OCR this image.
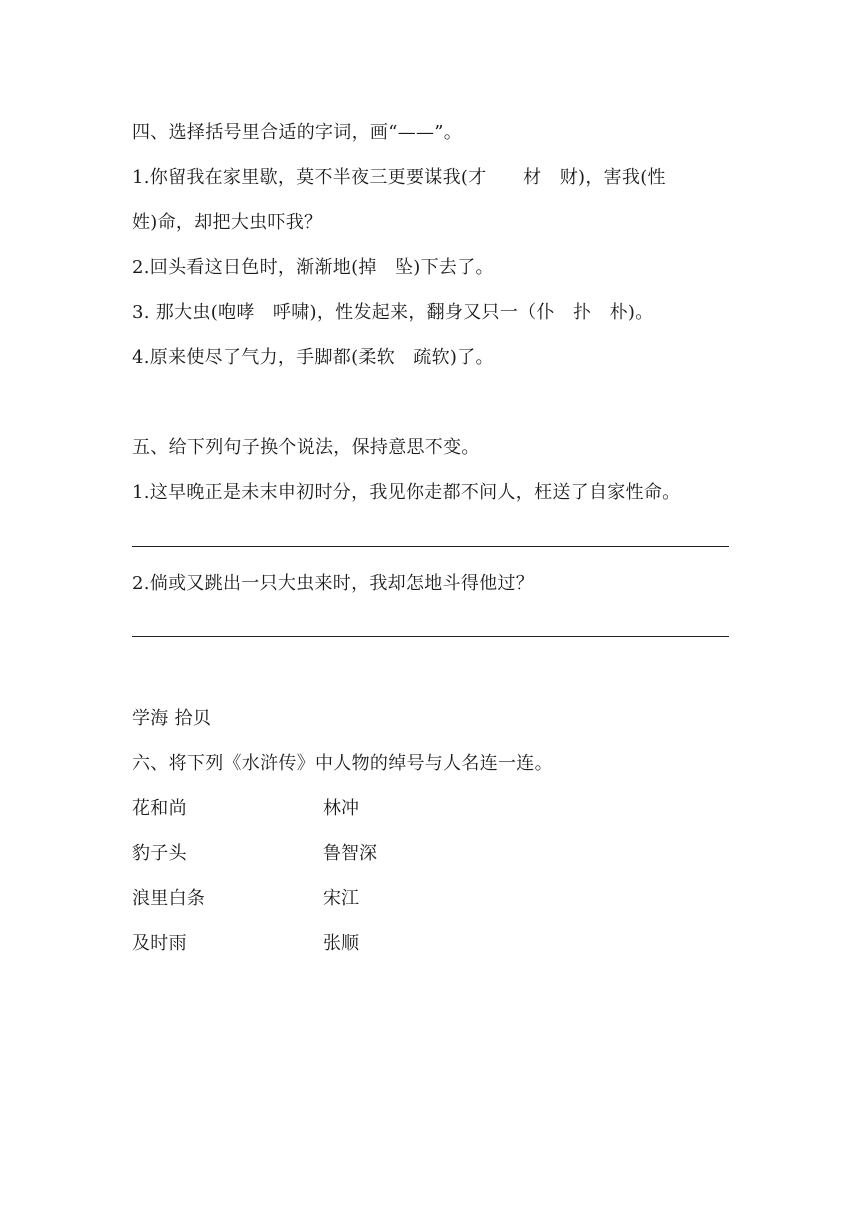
四、选择括号里合适的字词，画“——”。
1.你留我在家里歇，莫不半夜三更要谋我(才　　材　财)，害我(性
姓)命，却把大虫吓我？
2.回头看这日色时，渐渐地(掉　坠)下去了。
3. 那大虫(咆哮　呼啸)，性发起来，翻身又只一（仆　扑　朴)。
4.原来使尽了气力，手脚都(柔软　疏软)了。
五、给下列句子换个说法，保持意思不变。
1.这早晚正是未末申初时分，我见你走都不问人，枉送了自家性命。
2.倘或又跳出一只大虫来时，我却怎地斗得他过？
学海 拾贝
六、将下列《水浒传》中人物的绰号与人名连一连。
花和尚	林冲
豹子头	鲁智深
浪里白条	宋江
及时雨	张顺
